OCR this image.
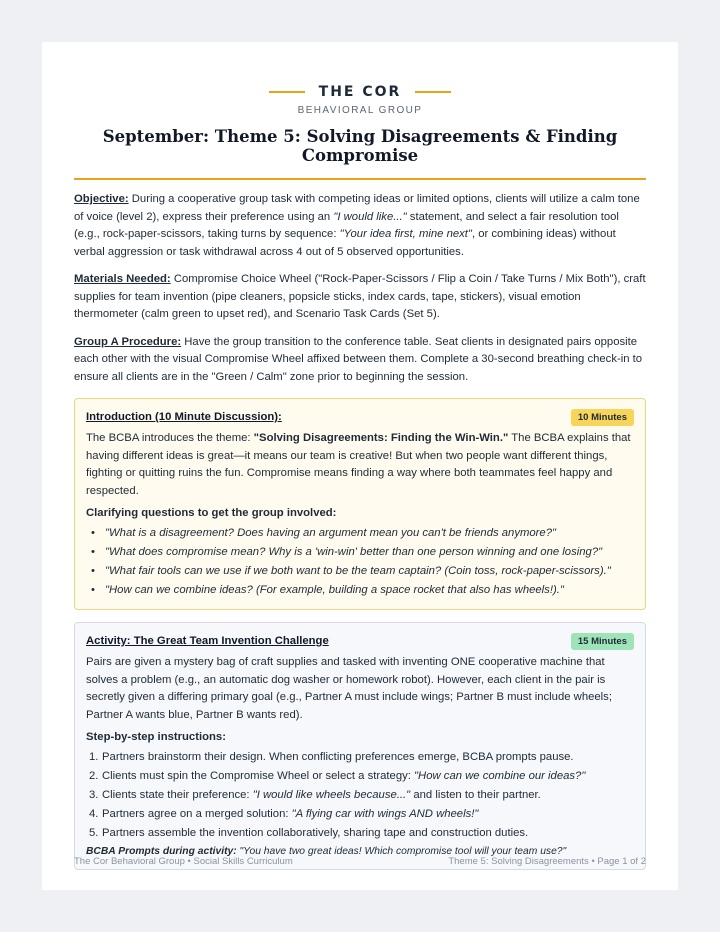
THE COR
BEHAVIORAL GROUP
September: Theme 5: Solving Disagreements & Finding Compromise

Objective: During a cooperative group task with competing ideas or limited options, clients will utilize a calm tone of voice (level 2), express their preference using an "I would like..." statement, and select a fair resolution tool (e.g., rock-paper-scissors, taking turns by sequence: "Your idea first, mine next", or combining ideas) without verbal aggression or task withdrawal across 4 out of 5 observed opportunities.

Materials Needed: Compromise Choice Wheel ("Rock-Paper-Scissors / Flip a Coin / Take Turns / Mix Both"), craft supplies for team invention (pipe cleaners, popsicle sticks, index cards, tape, stickers), visual emotion thermometer (calm green to upset red), and Scenario Task Cards (Set 5).

Group A Procedure: Have the group transition to the conference table. Seat clients in designated pairs opposite each other with the visual Compromise Wheel affixed between them. Complete a 30-second breathing check-in to ensure all clients are in the "Green / Calm" zone prior to beginning the session.

Introduction (10 Minute Discussion):	10 Minutes

The BCBA introduces the theme: "Solving Disagreements: Finding the Win-Win." The BCBA explains that having different ideas is great—it means our team is creative! But when two people want different things, fighting or quitting ruins the fun. Compromise means finding a way where both teammates feel happy and respected.

Clarifying questions to get the group involved:
• "What is a disagreement? Does having an argument mean you can't be friends anymore?"
• "What does compromise mean? Why is a 'win-win' better than one person winning and one losing?"
• "What fair tools can we use if we both want to be the team captain? (Coin toss, rock-paper-scissors)."
• "How can we combine ideas? (For example, building a space rocket that also has wheels!)."
Activity: The Great Team Invention Challenge	15 Minutes

Pairs are given a mystery bag of craft supplies and tasked with inventing ONE cooperative machine that solves a problem (e.g., an automatic dog washer or homework robot). However, each client in the pair is secretly given a differing primary goal (e.g., Partner A must include wings; Partner B must include wheels; Partner A wants blue, Partner B wants red).

Step-by-step instructions:
1. Partners brainstorm their design. When conflicting preferences emerge, BCBA prompts pause.
2. Clients must spin the Compromise Wheel or select a strategy: "How can we combine our ideas?"
3. Clients state their preference: "I would like wheels because..." and listen to their partner.
4. Partners agree on a merged solution: "A flying car with wings AND wheels!"
5. Partners assemble the invention collaboratively, sharing tape and construction duties.

BCBA Prompts during activity: "You have two great ideas! Which compromise tool will your team use?"

The Cor Behavioral Group • Social Skills Curriculum	Theme 5: Solving Disagreements • Page 1 of 2
